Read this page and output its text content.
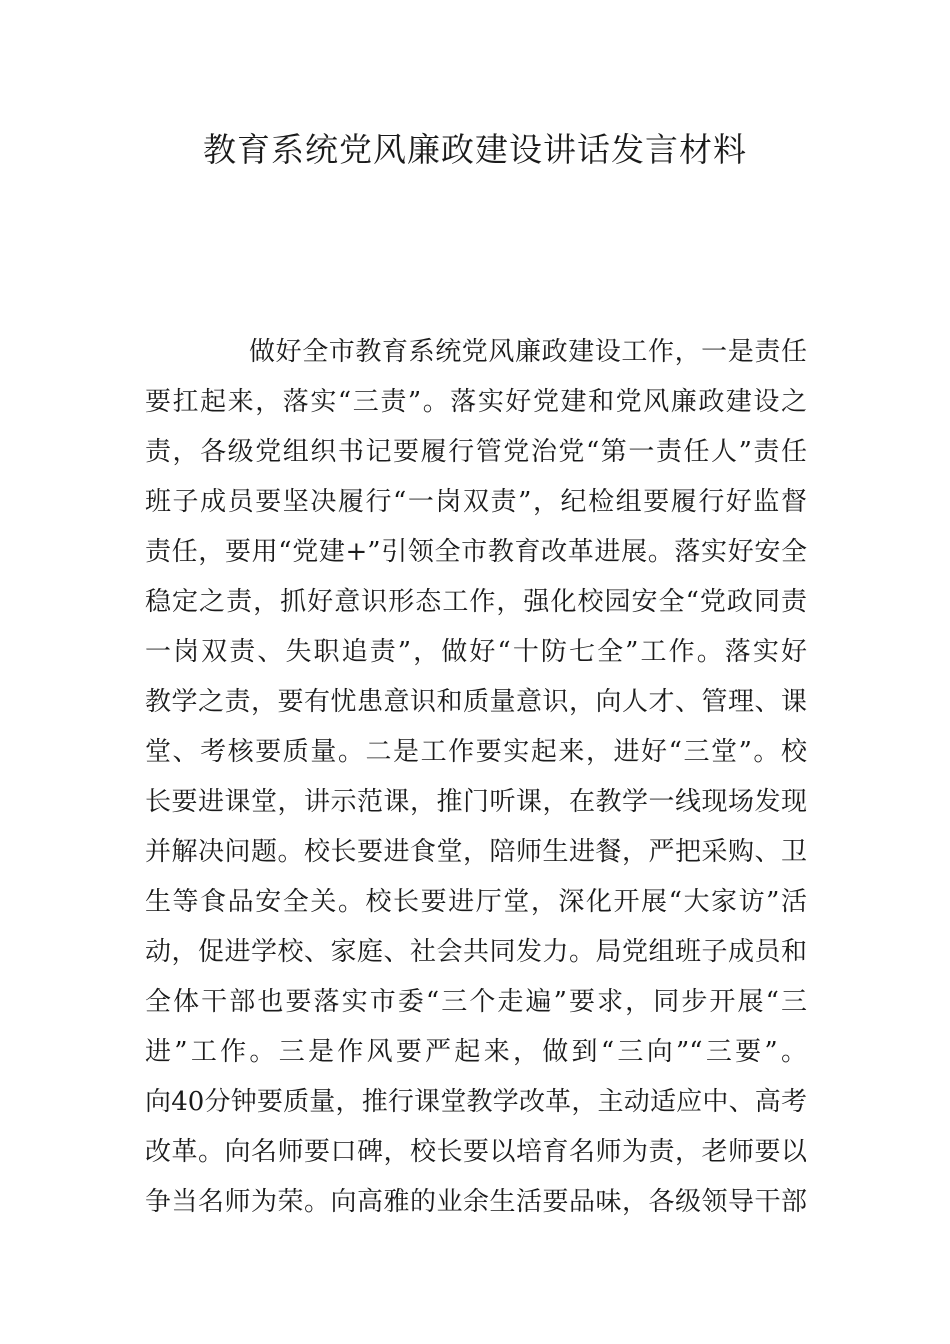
教育系统党风廉政建设讲话发言材料
做好全市教育系统党风廉政建设工作，一是责任
要扛起来，落实“三责”。落实好党建和党风廉政建设之
责，各级党组织书记要履行管党治党“第一责任人”责任
班子成员要坚决履行“一岗双责”，纪检组要履行好监督
责任，要用“党建+”引领全市教育改革进展。落实好安全
稳定之责，抓好意识形态工作，强化校园安全“党政同责
一岗双责、失职追责”，做好“十防七全”工作。落实好
教学之责，要有忧患意识和质量意识，向人才、管理、课
堂、考核要质量。二是工作要实起来，进好“三堂”。校
长要进课堂，讲示范课，推门听课，在教学一线现场发现
并解决问题。校长要进食堂，陪师生进餐，严把采购、卫
生等食品安全关。校长要进厅堂，深化开展“大家访”活
动，促进学校、家庭、社会共同发力。局党组班子成员和
全体干部也要落实市委“三个走遍”要求，同步开展“三
进”工作。三是作风要严起来，做到“三向”“三要”。
向40分钟要质量，推行课堂教学改革，主动适应中、高考
改革。向名师要口碑，校长要以培育名师为责，老师要以
争当名师为荣。向高雅的业余生活要品味，各级领导干部
